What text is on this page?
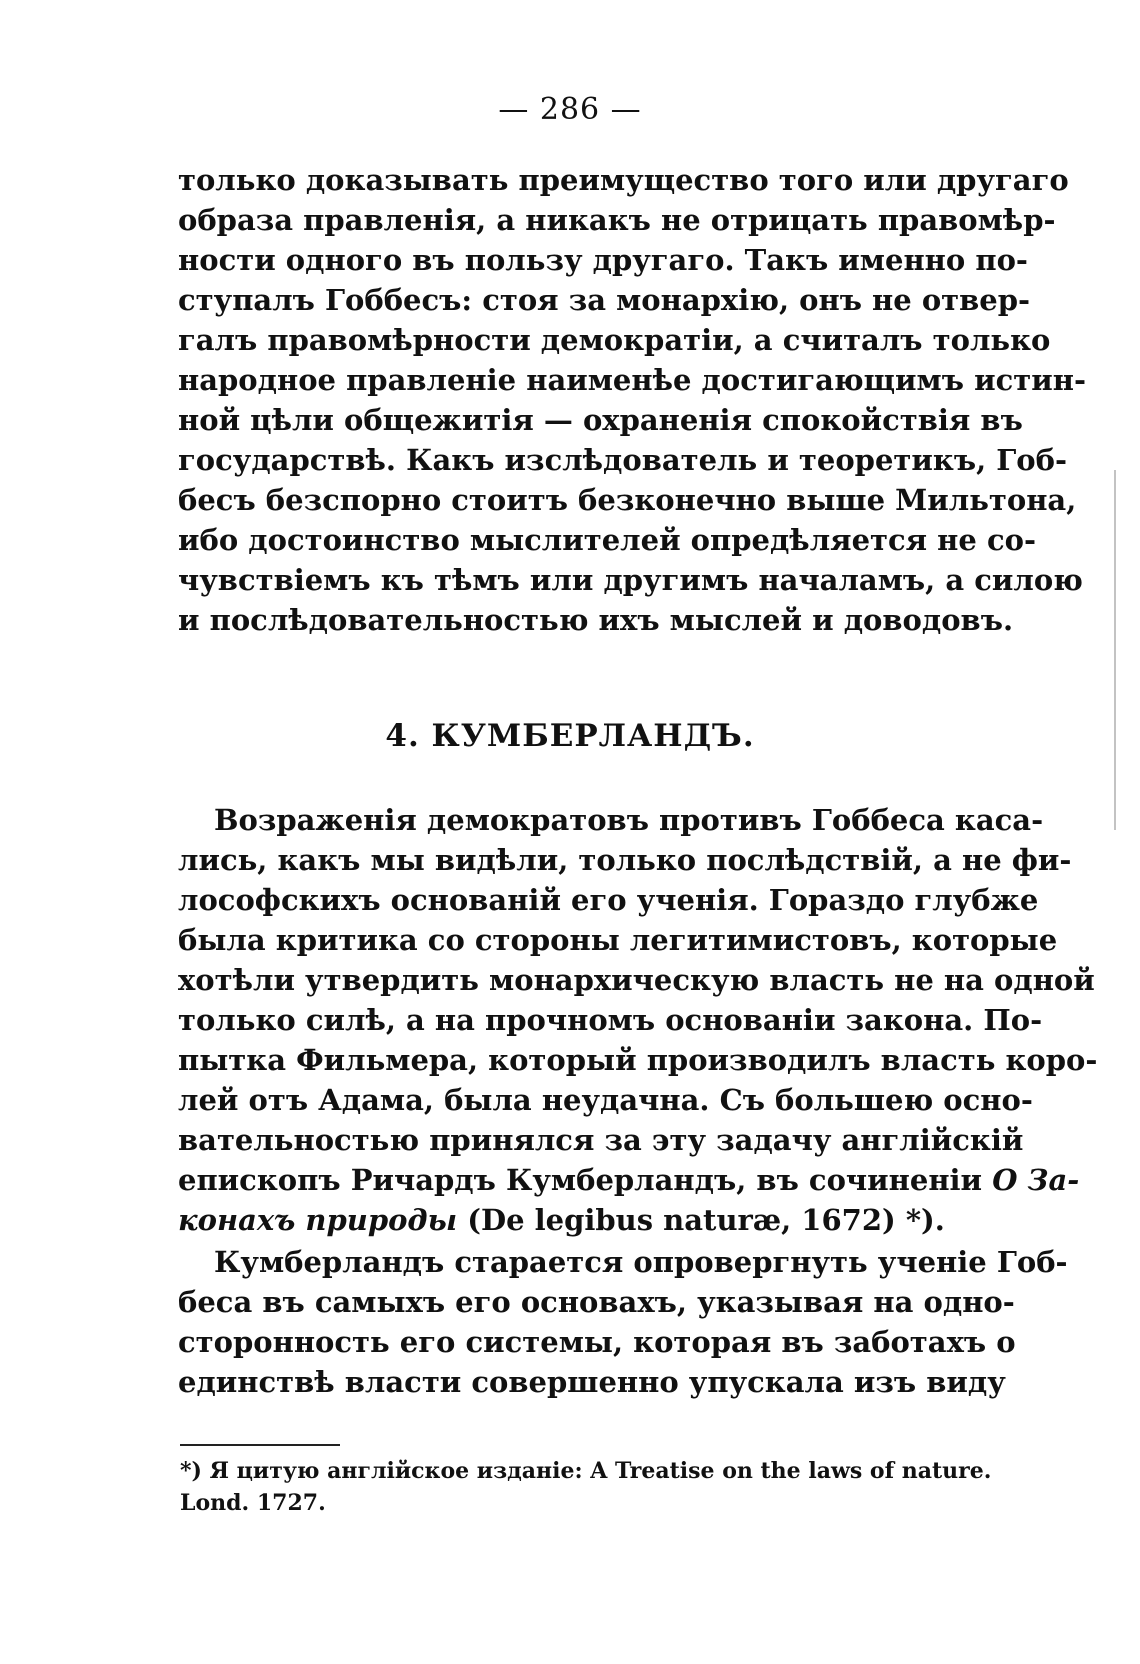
— 286 —
только доказывать преимущество того или другаго
образа правленія, а никакъ не отрицать правомѣр-
ности одного въ пользу другаго. Такъ именно по-
ступалъ Гоббесъ: стоя за монархію, онъ не отвер-
галъ правомѣрности демократіи, а считалъ только
народное правленіе наименѣе достигающимъ истин-
ной цѣли общежитія — охраненія спокойствія въ
государствѣ. Какъ изслѣдователь и теоретикъ, Гоб-
бесъ безспорно стоитъ безконечно выше Мильтона,
ибо достоинство мыслителей опредѣляется не со-
чувствіемъ къ тѣмъ или другимъ началамъ, а силою
и послѣдовательностью ихъ мыслей и доводовъ.
4. КУМБЕРЛАНДЪ.
Возраженія демократовъ противъ Гоббеса каса-
лись, какъ мы видѣли, только послѣдствій, а не фи-
лософскихъ основаній его ученія. Гораздо глубже
была критика со стороны легитимистовъ, которые
хотѣли утвердить монархическую власть не на одной
только силѣ, а на прочномъ основаніи закона. По-
пытка Фильмера, который производилъ власть коро-
лей отъ Адама, была неудачна. Съ большею осно-
вательностью принялся за эту задачу англійскій
епископъ Ричардъ Кумберландъ, въ сочиненіи О За-
конахъ природы (De legibus naturæ, 1672) *).
Кумберландъ старается опровергнуть ученіе Гоб-
беса въ самыхъ его основахъ, указывая на одно-
сторонность его системы, которая въ заботахъ о
единствѣ власти совершенно упускала изъ виду
*) Я цитую англійское изданіе: A Treatise on the laws of nature.
Lond. 1727.
